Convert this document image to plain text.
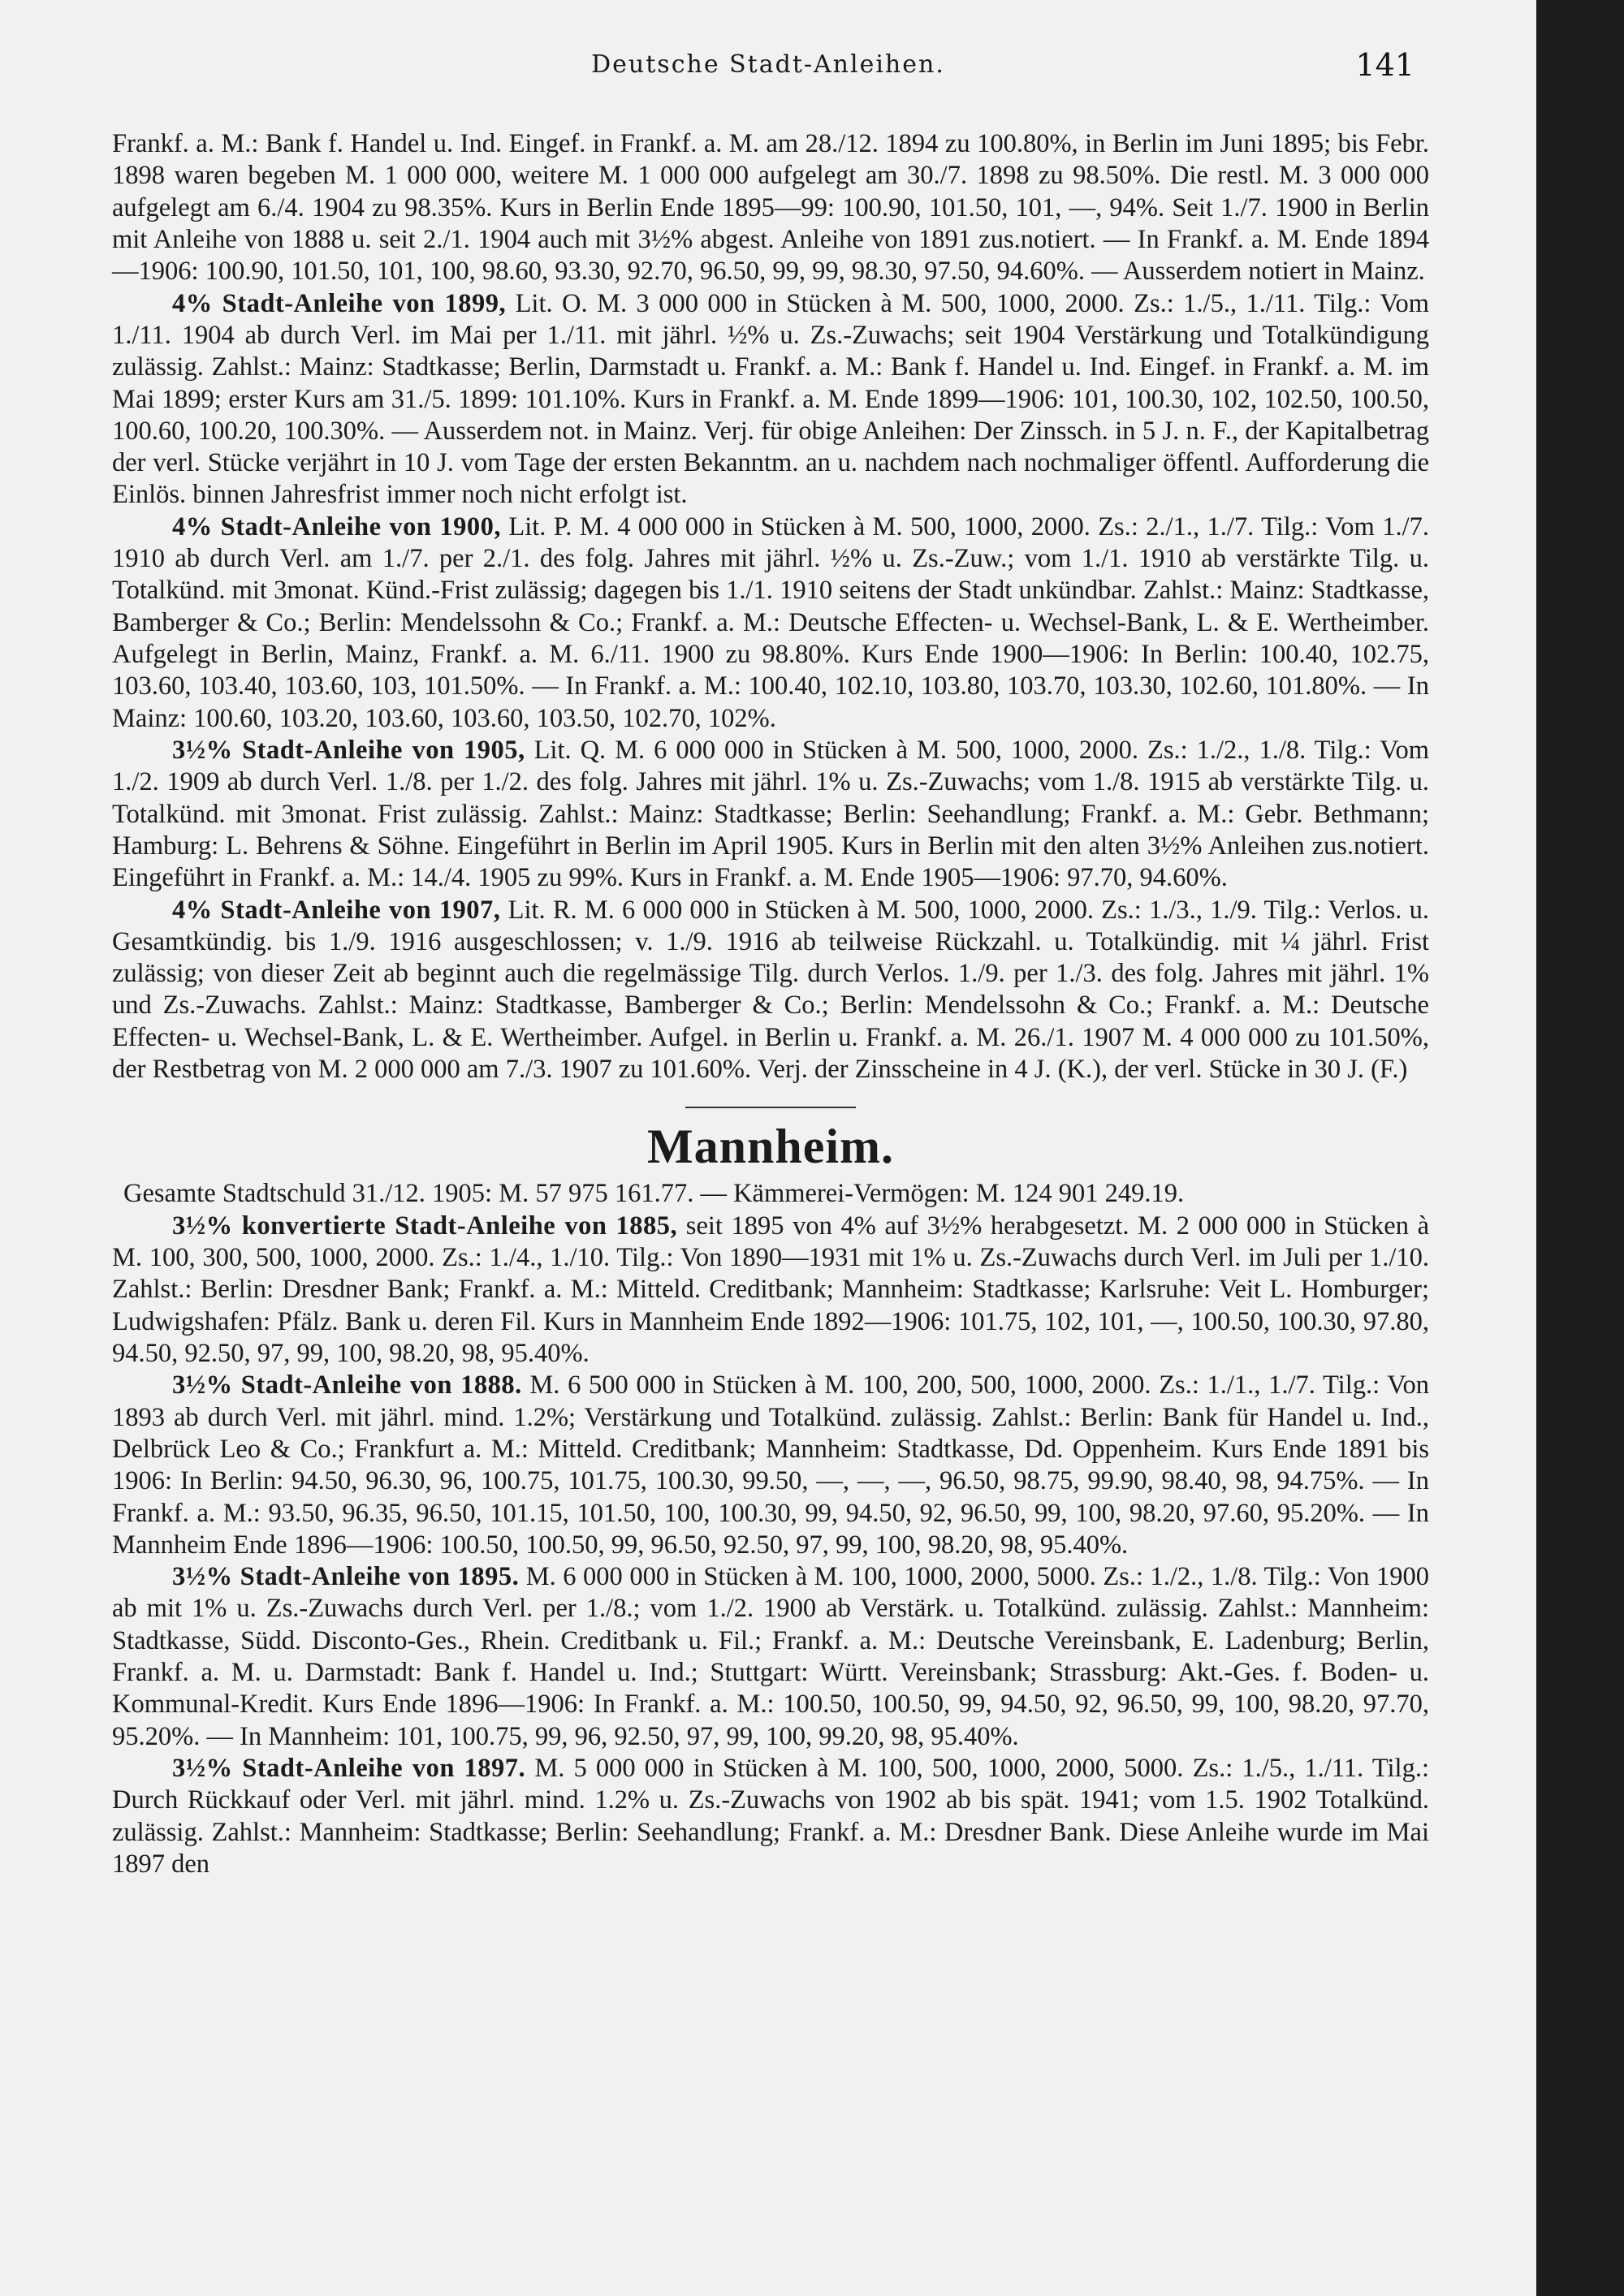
Deutsche Stadt-Anleihen.	141

Frankf. a. M.: Bank f. Handel u. Ind. Eingef. in Frankf. a. M. am 28./12. 1894 zu 100.80%, in Berlin im Juni 1895; bis Febr. 1898 waren begeben M. 1 000 000, weitere M. 1 000 000 aufgelegt am 30./7. 1898 zu 98.50%. Die restl. M. 3 000 000 aufgelegt am 6./4. 1904 zu 98.35%. Kurs in Berlin Ende 1895—99: 100.90, 101.50, 101, —, 94%. Seit 1./7. 1900 in Berlin mit Anleihe von 1888 u. seit 2./1. 1904 auch mit 3½% abgest. Anleihe von 1891 zus.notiert. — In Frankf. a. M. Ende 1894—1906: 100.90, 101.50, 101, 100, 98.60, 93.30, 92.70, 96.50, 99, 99, 98.30, 97.50, 94.60%. — Ausserdem notiert in Mainz.

4% Stadt-Anleihe von 1899, Lit. O. M. 3 000 000 in Stücken à M. 500, 1000, 2000. Zs.: 1./5., 1./11. Tilg.: Vom 1./11. 1904 ab durch Verl. im Mai per 1./11. mit jährl. ½% u. Zs.-Zuwachs; seit 1904 Verstärkung und Totalkündigung zulässig. Zahlst.: Mainz: Stadtkasse; Berlin, Darmstadt u. Frankf. a. M.: Bank f. Handel u. Ind. Eingef. in Frankf. a. M. im Mai 1899; erster Kurs am 31./5. 1899: 101.10%. Kurs in Frankf. a. M. Ende 1899—1906: 101, 100.30, 102, 102.50, 100.50, 100.60, 100.20, 100.30%. — Ausserdem not. in Mainz. Verj. für obige Anleihen: Der Zinssch. in 5 J. n. F., der Kapitalbetrag der verl. Stücke verjährt in 10 J. vom Tage der ersten Bekanntm. an u. nachdem nach nochmaliger öffentl. Aufforderung die Einlös. binnen Jahresfrist immer noch nicht erfolgt ist.

4% Stadt-Anleihe von 1900, Lit. P. M. 4 000 000 in Stücken à M. 500, 1000, 2000. Zs.: 2./1., 1./7. Tilg.: Vom 1./7. 1910 ab durch Verl. am 1./7. per 2./1. des folg. Jahres mit jährl. ½% u. Zs.-Zuw.; vom 1./1. 1910 ab verstärkte Tilg. u. Totalkünd. mit 3monat. Künd.-Frist zulässig; dagegen bis 1./1. 1910 seitens der Stadt unkündbar. Zahlst.: Mainz: Stadtkasse, Bamberger & Co.; Berlin: Mendelssohn & Co.; Frankf. a. M.: Deutsche Effecten- u. Wechsel-Bank, L. & E. Wertheimber. Aufgelegt in Berlin, Mainz, Frankf. a. M. 6./11. 1900 zu 98.80%. Kurs Ende 1900—1906: In Berlin: 100.40, 102.75, 103.60, 103.40, 103.60, 103, 101.50%. — In Frankf. a. M.: 100.40, 102.10, 103.80, 103.70, 103.30, 102.60, 101.80%. — In Mainz: 100.60, 103.20, 103.60, 103.60, 103.50, 102.70, 102%.

3½% Stadt-Anleihe von 1905, Lit. Q. M. 6 000 000 in Stücken à M. 500, 1000, 2000. Zs.: 1./2., 1./8. Tilg.: Vom 1./2. 1909 ab durch Verl. 1./8. per 1./2. des folg. Jahres mit jährl. 1% u. Zs.-Zuwachs; vom 1./8. 1915 ab verstärkte Tilg. u. Totalkünd. mit 3monat. Frist zulässig. Zahlst.: Mainz: Stadtkasse; Berlin: Seehandlung; Frankf. a. M.: Gebr. Bethmann; Hamburg: L. Behrens & Söhne. Eingeführt in Berlin im April 1905. Kurs in Berlin mit den alten 3½% Anleihen zus.notiert. Eingeführt in Frankf. a. M.: 14./4. 1905 zu 99%. Kurs in Frankf. a. M. Ende 1905—1906: 97.70, 94.60%.

4% Stadt-Anleihe von 1907, Lit. R. M. 6 000 000 in Stücken à M. 500, 1000, 2000. Zs.: 1./3., 1./9. Tilg.: Verlos. u. Gesamtkündig. bis 1./9. 1916 ausgeschlossen; v. 1./9. 1916 ab teilweise Rückzahl. u. Totalkündig. mit ¼ jährl. Frist zulässig; von dieser Zeit ab beginnt auch die regelmässige Tilg. durch Verlos. 1./9. per 1./3. des folg. Jahres mit jährl. 1% und Zs.-Zuwachs. Zahlst.: Mainz: Stadtkasse, Bamberger & Co.; Berlin: Mendelssohn & Co.; Frankf. a. M.: Deutsche Effecten- u. Wechsel-Bank, L. & E. Wertheimber. Aufgel. in Berlin u. Frankf. a. M. 26./1. 1907 M. 4 000 000 zu 101.50%, der Restbetrag von M. 2 000 000 am 7./3. 1907 zu 101.60%. Verj. der Zinsscheine in 4 J. (K.), der verl. Stücke in 30 J. (F.)

Mannheim.

Gesamte Stadtschuld 31./12. 1905: M. 57 975 161.77. — Kämmerei-Vermögen: M. 124 901 249.19.

3½% konvertierte Stadt-Anleihe von 1885, seit 1895 von 4% auf 3½% herabgesetzt. M. 2 000 000 in Stücken à M. 100, 300, 500, 1000, 2000. Zs.: 1./4., 1./10. Tilg.: Von 1890—1931 mit 1% u. Zs.-Zuwachs durch Verl. im Juli per 1./10. Zahlst.: Berlin: Dresdner Bank; Frankf. a. M.: Mitteld. Creditbank; Mannheim: Stadtkasse; Karlsruhe: Veit L. Homburger; Ludwigshafen: Pfälz. Bank u. deren Fil. Kurs in Mannheim Ende 1892—1906: 101.75, 102, 101, —, 100.50, 100.30, 97.80, 94.50, 92.50, 97, 99, 100, 98.20, 98, 95.40%.

3½% Stadt-Anleihe von 1888. M. 6 500 000 in Stücken à M. 100, 200, 500, 1000, 2000. Zs.: 1./1., 1./7. Tilg.: Von 1893 ab durch Verl. mit jährl. mind. 1.2%; Verstärkung und Totalkünd. zulässig. Zahlst.: Berlin: Bank für Handel u. Ind., Delbrück Leo & Co.; Frankfurt a. M.: Mitteld. Creditbank; Mannheim: Stadtkasse, Dd. Oppenheim. Kurs Ende 1891 bis 1906: In Berlin: 94.50, 96.30, 96, 100.75, 101.75, 100.30, 99.50, —, —, —, 96.50, 98.75, 99.90, 98.40, 98, 94.75%. — In Frankf. a. M.: 93.50, 96.35, 96.50, 101.15, 101.50, 100, 100.30, 99, 94.50, 92, 96.50, 99, 100, 98.20, 97.60, 95.20%. — In Mannheim Ende 1896—1906: 100.50, 100.50, 99, 96.50, 92.50, 97, 99, 100, 98.20, 98, 95.40%.

3½% Stadt-Anleihe von 1895. M. 6 000 000 in Stücken à M. 100, 1000, 2000, 5000. Zs.: 1./2., 1./8. Tilg.: Von 1900 ab mit 1% u. Zs.-Zuwachs durch Verl. per 1./8.; vom 1./2. 1900 ab Verstärk. u. Totalkünd. zulässig. Zahlst.: Mannheim: Stadtkasse, Südd. Disconto-Ges., Rhein. Creditbank u. Fil.; Frankf. a. M.: Deutsche Vereinsbank, E. Ladenburg; Berlin, Frankf. a. M. u. Darmstadt: Bank f. Handel u. Ind.; Stuttgart: Württ. Vereinsbank; Strassburg: Akt.-Ges. f. Boden- u. Kommunal-Kredit. Kurs Ende 1896—1906: In Frankf. a. M.: 100.50, 100.50, 99, 94.50, 92, 96.50, 99, 100, 98.20, 97.70, 95.20%. — In Mannheim: 101, 100.75, 99, 96, 92.50, 97, 99, 100, 99.20, 98, 95.40%.

3½% Stadt-Anleihe von 1897. M. 5 000 000 in Stücken à M. 100, 500, 1000, 2000, 5000. Zs.: 1./5., 1./11. Tilg.: Durch Rückkauf oder Verl. mit jährl. mind. 1.2% u. Zs.-Zuwachs von 1902 ab bis spät. 1941; vom 1.5. 1902 Totalkünd. zulässig. Zahlst.: Mannheim: Stadtkasse; Berlin: Seehandlung; Frankf. a. M.: Dresdner Bank. Diese Anleihe wurde im Mai 1897 den
